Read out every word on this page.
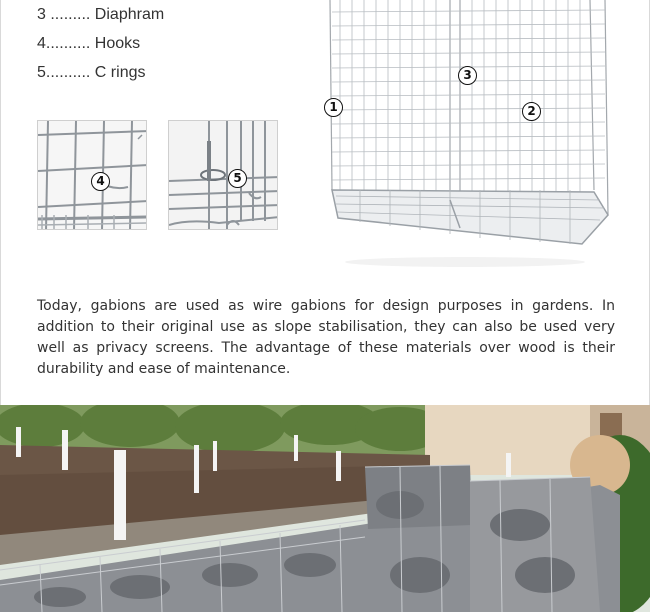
3 ......... Diaphram
4.......... Hooks
5.......... C rings
1	2
3
4	5

Today, gabions are used as wire gabions for design purposes in gardens. In addition to their original use as slope stabilisation, they can also be used very well as privacy screens. The advantage of these materials over wood is their durability and ease of maintenance.
